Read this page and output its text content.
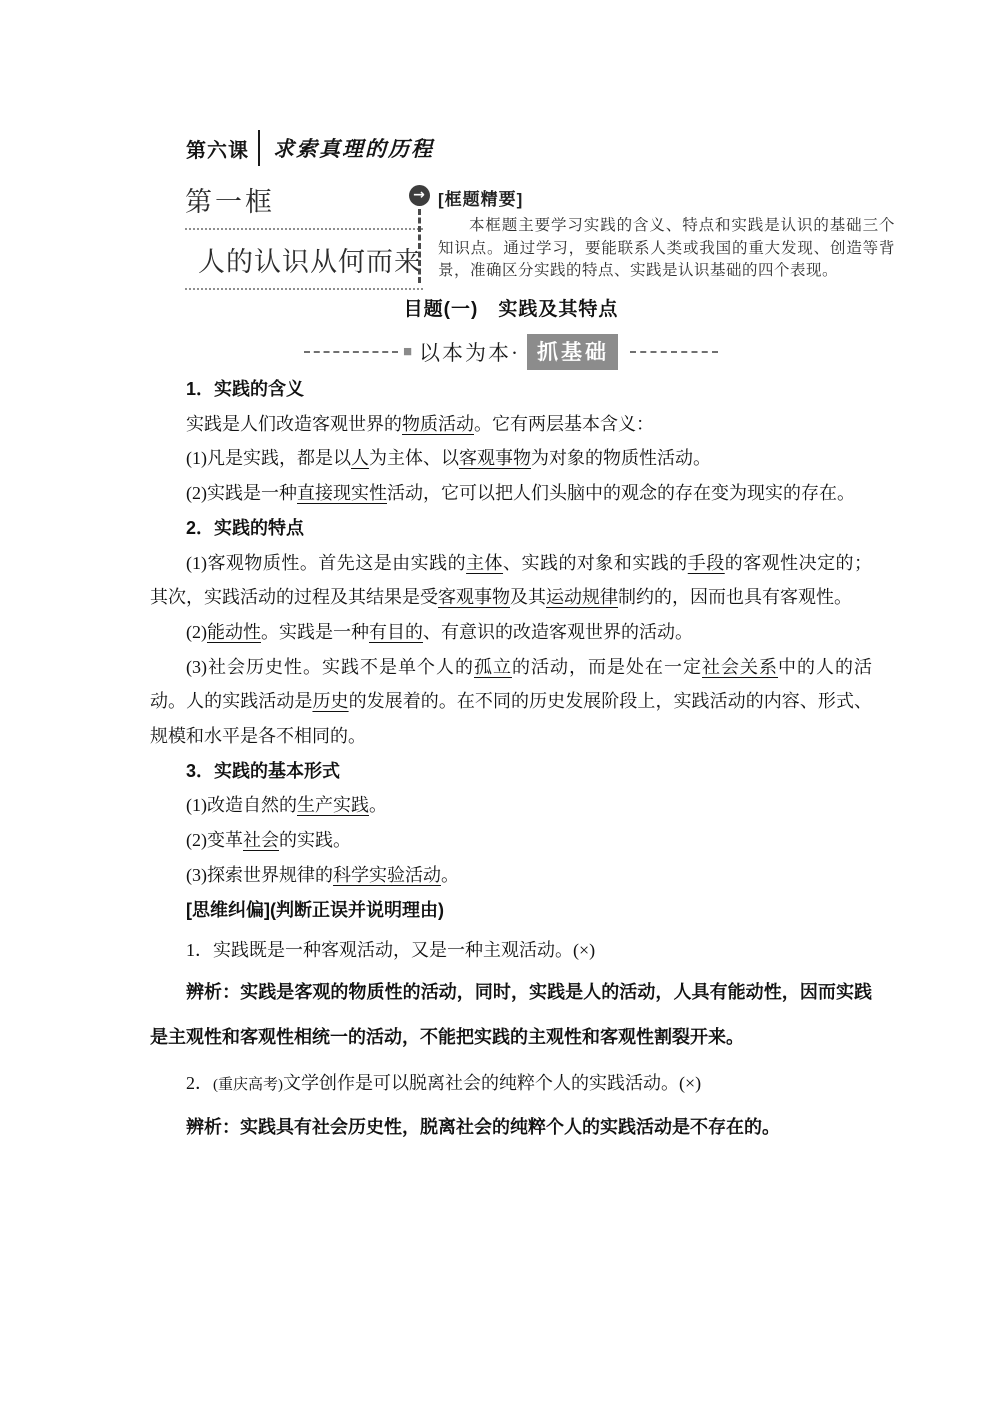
第六课 求索真理的历程
第一框
人的认识从何而来
→ [框题精要]

本框题主要学习实践的含义、特点和实践是认识的基础三个知识点。通过学习，要能联系人类或我国的重大发现、创造等背景，准确区分实践的特点、实践是认识基础的四个表现。

目题(一)　实践及其特点
■ 以本为本· 抓基础
1．实践的含义
实践是人们改造客观世界的物质活动。它有两层基本含义：
(1)凡是实践，都是以人为主体、以客观事物为对象的物质性活动。
(2)实践是一种直接现实性活动，它可以把人们头脑中的观念的存在变为现实的存在。
2．实践的特点
(1)客观物质性。首先这是由实践的主体、实践的对象和实践的手段的客观性决定的；其次，实践活动的过程及其结果是受客观事物及其运动规律制约的，因而也具有客观性。
(2)能动性。实践是一种有目的、有意识的改造客观世界的活动。
(3)社会历史性。实践不是单个人的孤立的活动，而是处在一定社会关系中的人的活动。人的实践活动是历史的发展着的。在不同的历史发展阶段上，实践活动的内容、形式、规模和水平是各不相同的。
3．实践的基本形式
(1)改造自然的生产实践。
(2)变革社会的实践。
(3)探索世界规律的科学实验活动。
[思维纠偏](判断正误并说明理由)
1．实践既是一种客观活动，又是一种主观活动。(×)
辨析：实践是客观的物质性的活动，同时，实践是人的活动，人具有能动性，因而实践是主观性和客观性相统一的活动，不能把实践的主观性和客观性割裂开来。
2．(重庆高考)文学创作是可以脱离社会的纯粹个人的实践活动。(×)
辨析：实践具有社会历史性，脱离社会的纯粹个人的实践活动是不存在的。
